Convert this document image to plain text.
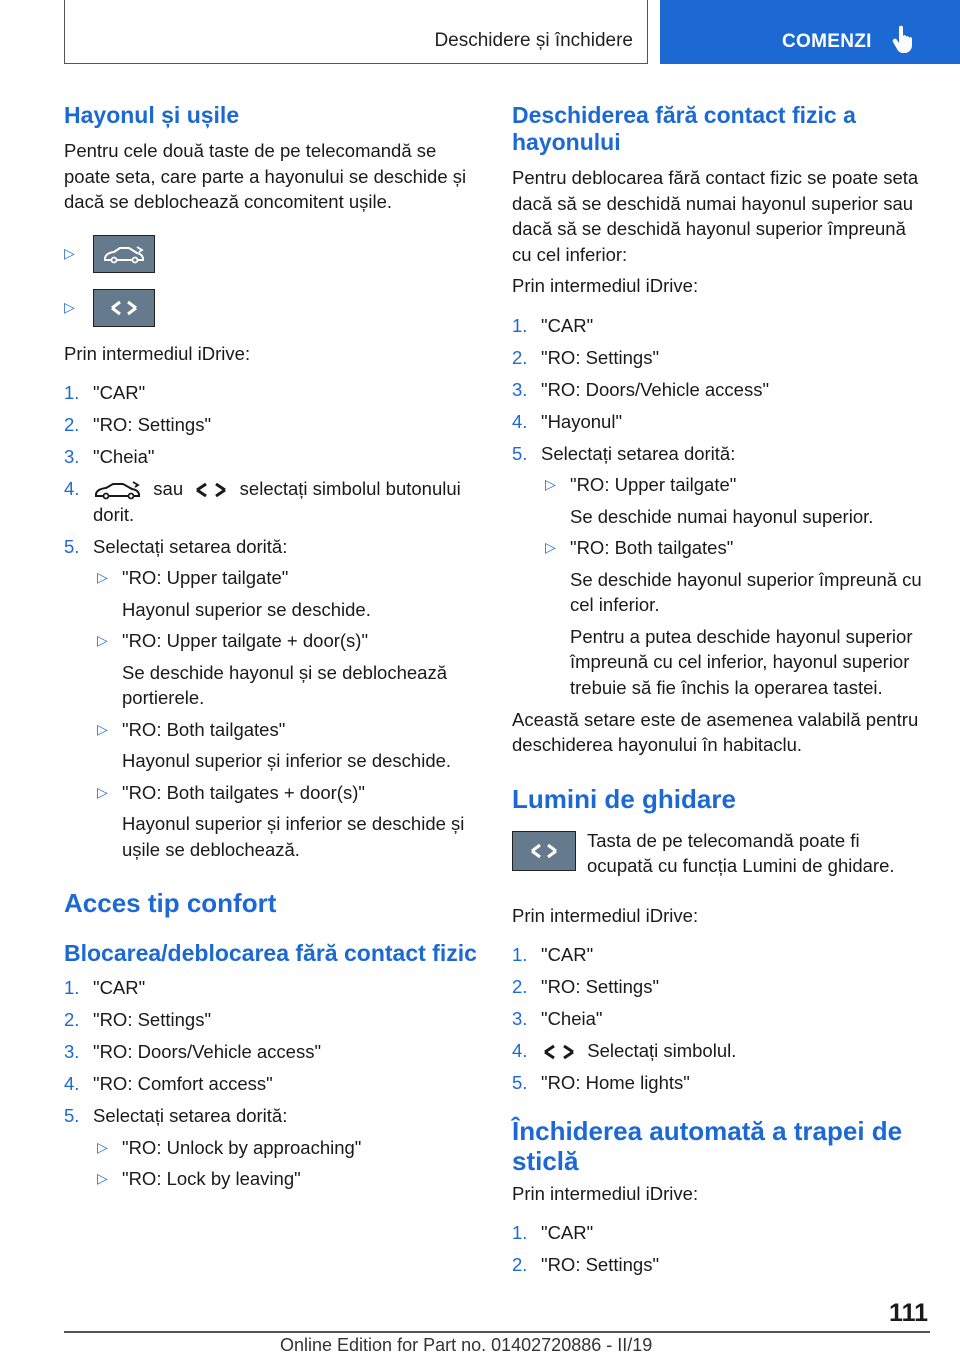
Deschidere și închidere	COMENZI
Hayonul și ușile

Pentru cele două taste de pe telecomandă se poate seta, care parte a hayonului se deschide și dacă se deblochează concomitent ușile.

▷
▷

Prin intermediul iDrive:

1. "CAR"
2. "RO: Settings"
3. "Cheia"
4.	sau	selectați simbolul butonului dorit.
5. Selectați setarea dorită:
▷ "RO: Upper tailgate"
Hayonul superior se deschide.
▷ "RO: Upper tailgate + door(s)"
Se deschide hayonul și se deblochează portierele.
▷ "RO: Both tailgates"
Hayonul superior și inferior se deschide.
▷ "RO: Both tailgates + door(s)"
Hayonul superior și inferior se deschide și ușile se deblochează.
Acces tip confort
Blocarea/deblocarea fără contact fizic
1. "CAR"
2. "RO: Settings"
3. "RO: Doors/Vehicle access"
4. "RO: Comfort access"
5. Selectați setarea dorită:
▷ "RO: Unlock by approaching"
▷ "RO: Lock by leaving"
Deschiderea fără contact fizic a hayonului

Pentru deblocarea fără contact fizic se poate seta dacă să se deschidă numai hayonul superior sau dacă să se deschidă hayonul superior împreună cu cel inferior:

Prin intermediul iDrive:

1. "CAR"
2. "RO: Settings"
3. "RO: Doors/Vehicle access"
4. "Hayonul"
5. Selectați setarea dorită:
▷ "RO: Upper tailgate"
Se deschide numai hayonul superior.
▷ "RO: Both tailgates"
Se deschide hayonul superior împreună cu cel inferior.
Pentru a putea deschide hayonul superior împreună cu cel inferior, hayonul superior trebuie să fie închis la operarea tastei.

Această setare este de asemenea valabilă pentru deschiderea hayonului în habitaclu.

Lumini de ghidare

Tasta de pe telecomandă poate fi ocupată cu funcția Lumini de ghidare.

Prin intermediul iDrive:

1. "CAR"
2. "RO: Settings"
3. "Cheia"
4.	Selectați simbolul.
5. "RO: Home lights"
Închiderea automată a trapei de sticlă

Prin intermediul iDrive:

1. "CAR"
2. "RO: Settings"
111
Online Edition for Part no. 01402720886 - II/19
